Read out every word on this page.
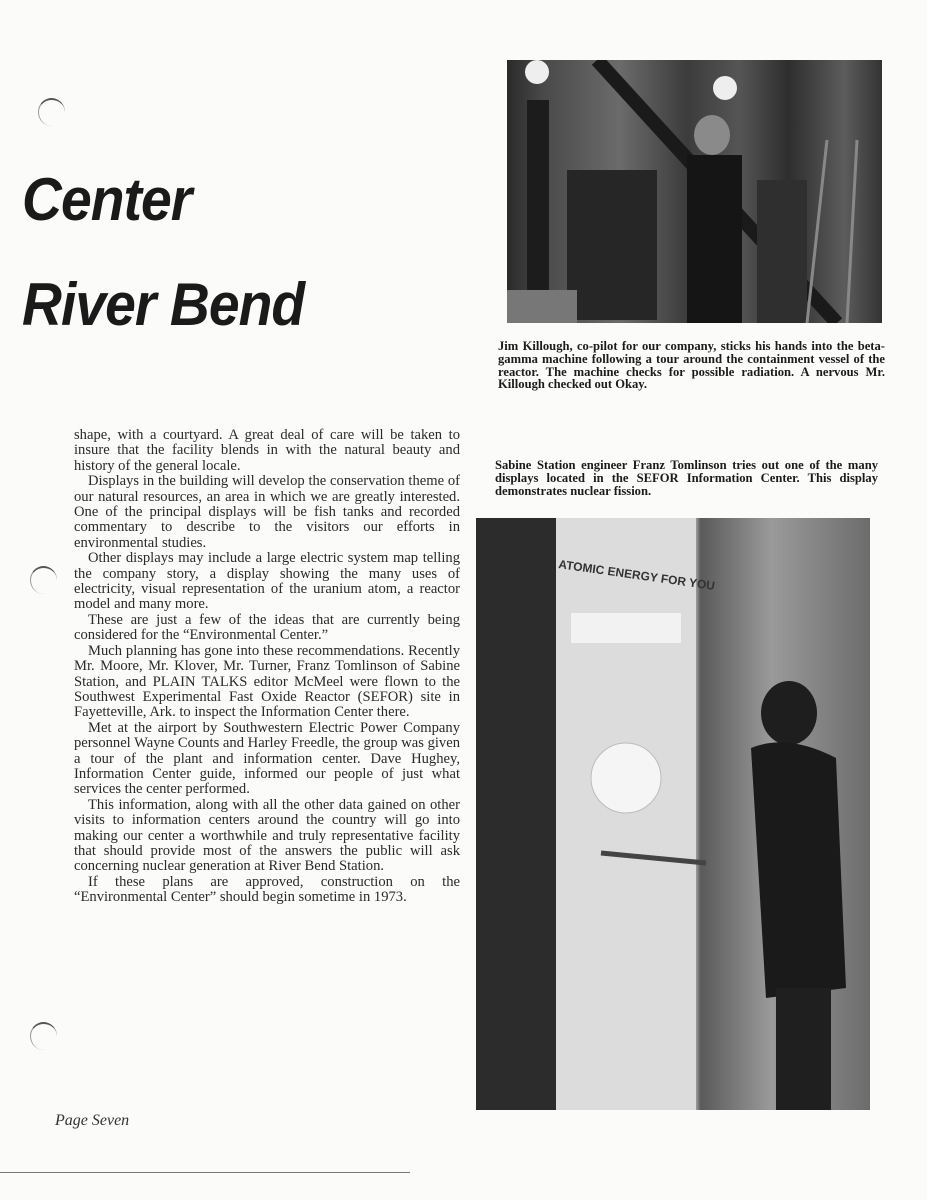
Center
River Bend
Jim Killough, co-pilot for our company, sticks his hands into the beta-gamma machine following a tour around the containment vessel of the reactor. The machine checks for possible radiation. A nervous Mr. Killough checked out Okay.
Sabine Station engineer Franz Tomlinson tries out one of the many displays located in the SEFOR Information Center. This display demonstrates nuclear fission.
ATOMIC ENERGY FOR YOU

shape, with a courtyard. A great deal of care will be taken to insure that the facility blends in with the natural beauty and history of the general locale.

Displays in the building will develop the conservation theme of our natural resources, an area in which we are greatly interested. One of the principal displays will be fish tanks and recorded commentary to describe to the visitors our efforts in environmental studies.

Other displays may include a large electric system map telling the company story, a display showing the many uses of electricity, visual representation of the uranium atom, a reactor model and many more.

These are just a few of the ideas that are currently being considered for the “Environmental Center.”

Much planning has gone into these recommendations. Recently Mr. Moore, Mr. Klover, Mr. Turner, Franz Tomlinson of Sabine Station, and PLAIN TALKS editor McMeel were flown to the Southwest Experimental Fast Oxide Reactor (SEFOR) site in Fayetteville, Ark. to inspect the Information Center there.

Met at the airport by Southwestern Electric Power Company personnel Wayne Counts and Harley Freedle, the group was given a tour of the plant and information center. Dave Hughey, Information Center guide, informed our people of just what services the center performed.

This information, along with all the other data gained on other visits to information centers around the country will go into making our center a worthwhile and truly representative facility that should provide most of the answers the public will ask concerning nuclear generation at River Bend Station.

If these plans are approved, construction on the “Environmental Center” should begin sometime in 1973.

Page Seven
